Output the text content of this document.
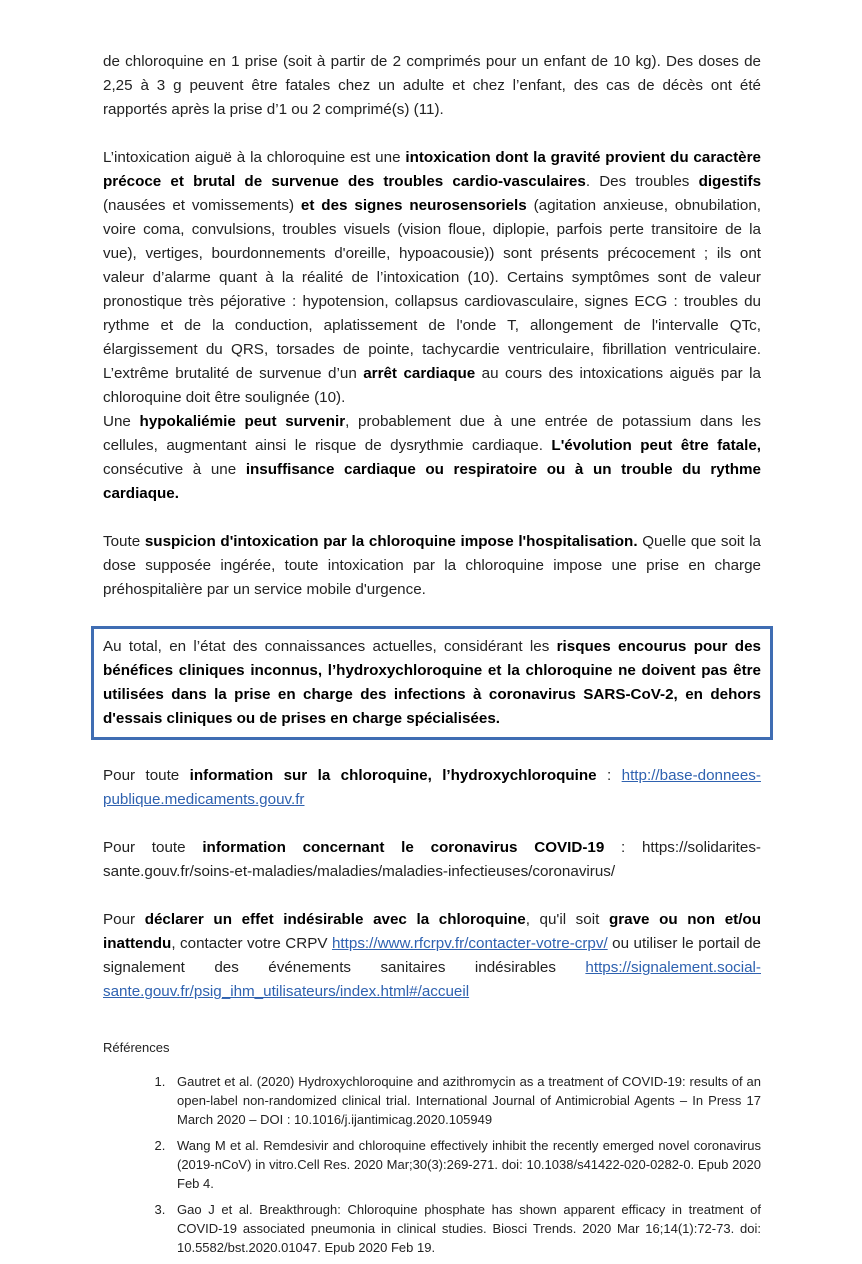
de chloroquine en 1 prise (soit à partir de 2 comprimés pour un enfant de 10 kg). Des doses de 2,25 à 3 g peuvent être fatales chez un adulte et chez l’enfant, des cas de décès ont été rapportés après la prise d’1 ou 2 comprimé(s) (11).

L’intoxication aiguë à la chloroquine est une intoxication dont la gravité provient du caractère précoce et brutal de survenue des troubles cardio-vasculaires. Des troubles digestifs (nausées et vomissements) et des signes neurosensoriels (agitation anxieuse, obnubilation, voire coma, convulsions, troubles visuels (vision floue, diplopie, parfois perte transitoire de la vue), vertiges, bourdonnements d'oreille, hypoacousie)) sont présents précocement ; ils ont valeur d’alarme quant à la réalité de l’intoxication (10). Certains symptômes sont de valeur pronostique très péjorative : hypotension, collapsus cardiovasculaire, signes ECG : troubles du rythme et de la conduction, aplatissement de l'onde T, allongement de l'intervalle QTc, élargissement du QRS, torsades de pointe, tachycardie ventriculaire, fibrillation ventriculaire. L’extrême brutalité de survenue d’un arrêt cardiaque au cours des intoxications aiguës par la chloroquine doit être soulignée (10).

Une hypokaliémie peut survenir, probablement due à une entrée de potassium dans les cellules, augmentant ainsi le risque de dysrythmie cardiaque. L'évolution peut être fatale, consécutive à une insuffisance cardiaque ou respiratoire ou à un trouble du rythme cardiaque.

Toute suspicion d'intoxication par la chloroquine impose l'hospitalisation. Quelle que soit la dose supposée ingérée, toute intoxication par la chloroquine impose une prise en charge préhospitalière par un service mobile d'urgence.

Au total, en l’état des connaissances actuelles, considérant les risques encourus pour des bénéfices cliniques inconnus, l’hydroxychloroquine et la chloroquine ne doivent pas être utilisées dans la prise en charge des infections à coronavirus SARS-CoV-2, en dehors d'essais cliniques ou de prises en charge spécialisées.

Pour toute information sur la chloroquine, l’hydroxychloroquine : http://base-donnees-publique.medicaments.gouv.fr

Pour toute information concernant le coronavirus COVID-19 : https://solidarites-sante.gouv.fr/soins-et-maladies/maladies/maladies-infectieuses/coronavirus/

Pour déclarer un effet indésirable avec la chloroquine, qu'il soit grave ou non et/ou inattendu, contacter votre CRPV https://www.rfcrpv.fr/contacter-votre-crpv/ ou utiliser le portail de signalement des événements sanitaires indésirables https://signalement.social-sante.gouv.fr/psig_ihm_utilisateurs/index.html#/accueil

Références
1. Gautret et al. (2020) Hydroxychloroquine and azithromycin as a treatment of COVID-19: results of an open-label non-randomized clinical trial. International Journal of Antimicrobial Agents – In Press 17 March 2020 – DOI : 10.1016/j.ijantimicag.2020.105949
2. Wang M et al. Remdesivir and chloroquine effectively inhibit the recently emerged novel coronavirus (2019-nCoV) in vitro.Cell Res. 2020 Mar;30(3):269-271. doi: 10.1038/s41422-020-0282-0. Epub 2020 Feb 4.
3. Gao J et al. Breakthrough: Chloroquine phosphate has shown apparent efficacy in treatment of COVID-19 associated pneumonia in clinical studies. Biosci Trends. 2020 Mar 16;14(1):72-73. doi: 10.5582/bst.2020.01047. Epub 2020 Feb 19.
